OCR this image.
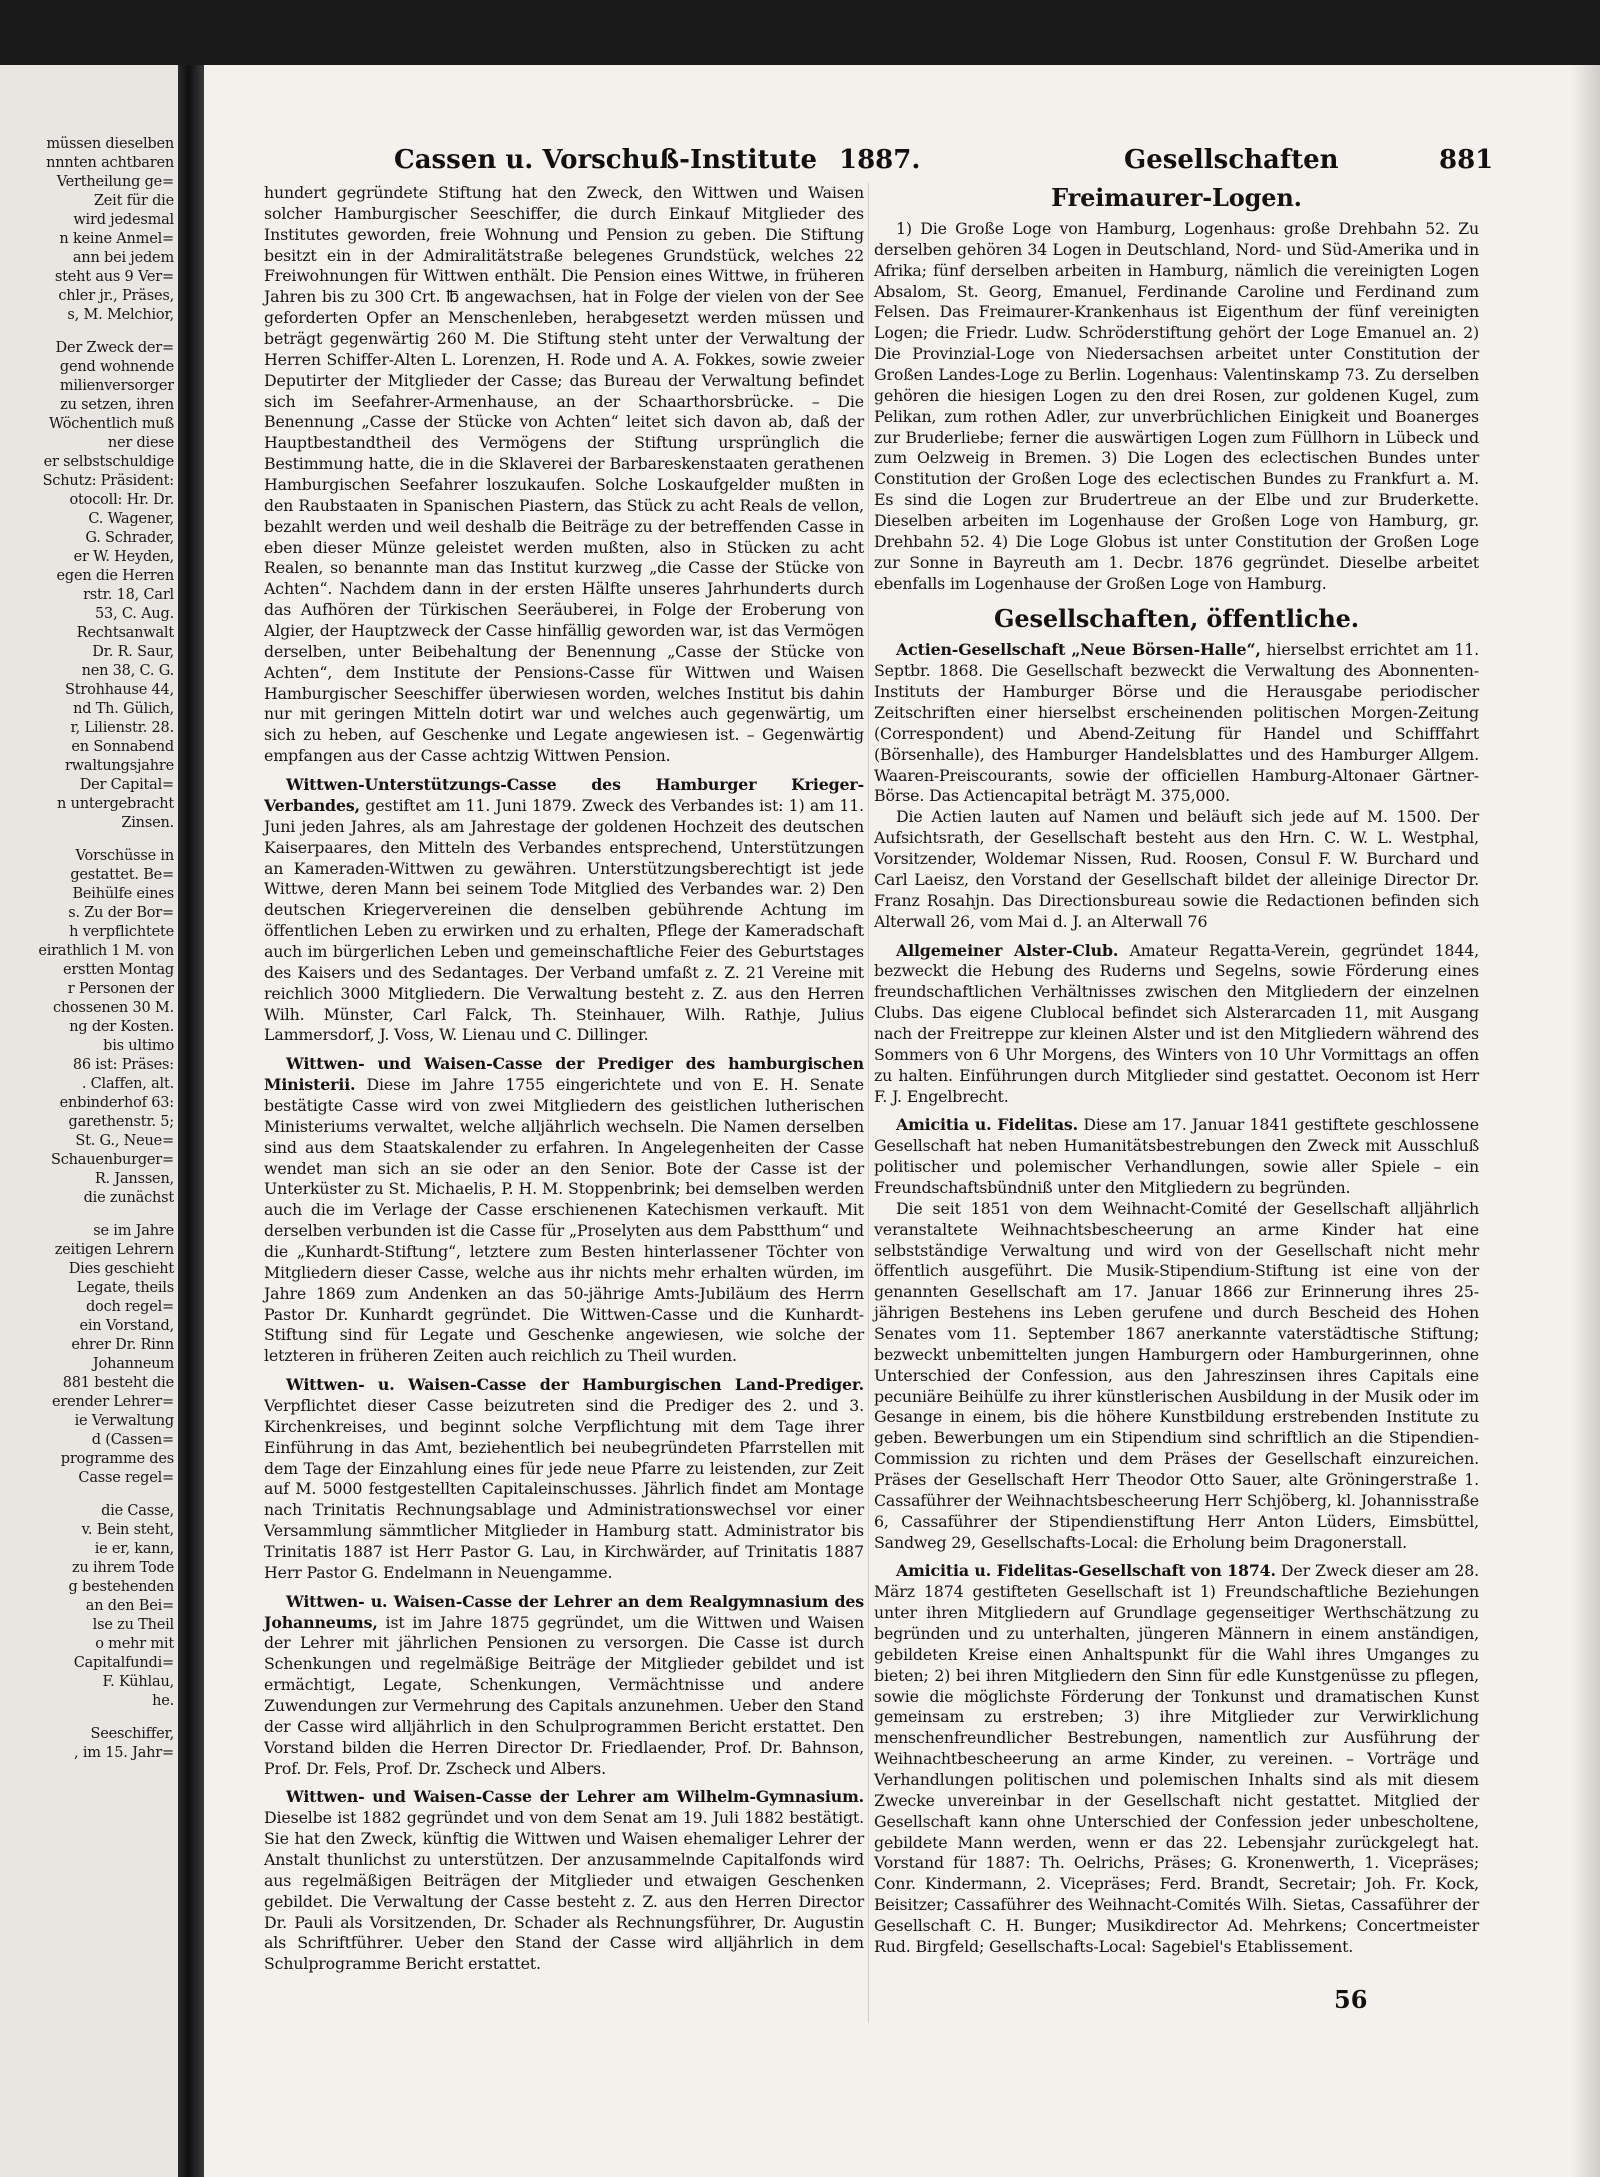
müssen dieselben
nnnten achtbaren
Vertheilung ge=
Zeit für die
wird jedesmal
n keine Anmel=
ann bei jedem
steht aus 9 Ver=
chler jr., Präses,
s, M. Melchior,
Der Zweck der=
gend wohnende
milienversorger
zu setzen, ihren
Wöchentlich muß
ner diese
er selbstschuldige
Schutz: Präsident:
otocoll: Hr. Dr.
C. Wagener,
G. Schrader,
er W. Heyden,
egen die Herren
rstr. 18, Carl
53, C. Aug.
Rechtsanwalt
Dr. R. Saur,
nen 38, C. G.
Strohhause 44,
nd Th. Gülich,
r, Lilienstr. 28.
en Sonnabend
rwaltungsjahre
Der Capital=
n untergebracht
Zinsen.
Vorschüsse in
gestattet. Be=
Beihülfe eines
s. Zu der Bor=
h verpflichtete
eirathlich 1 M. von
erstten Montag
r Personen der
chossenen 30 M.
ng der Kosten.
bis ultimo
86 ist: Präses:
. Claffen, alt.
enbinderhof 63:
garethenstr. 5;
St. G., Neue=
Schauenburger=
R. Janssen,
die zunächst
se im Jahre
zeitigen Lehrern
Dies geschieht
Legate, theils
doch regel=
ein Vorstand,
ehrer Dr. Rinn
Johanneum
881 besteht die
erender Lehrer=
ie Verwaltung
d (Cassen=
programme des
Casse regel=
die Casse,
v. Bein steht,
ie er, kann,
zu ihrem Tode
g bestehenden
an den Bei=
lse zu Theil
o mehr mit
Capitalfundi=
F. Kühlau,
he.
Seeschiffer,
, im 15. Jahr=
Cassen u. Vorschuß-Institute 1887.	Gesellschaften	881

hundert gegründete Stiftung hat den Zweck, den Wittwen und Waisen solcher Hamburgischer Seeschiffer, die durch Einkauf Mitglieder des Institutes geworden, freie Wohnung und Pension zu geben. Die Stiftung besitzt ein in der Admiralitätstraße belegenes Grundstück, welches 22 Freiwohnungen für Wittwen enthält. Die Pension eines Wittwe, in früheren Jahren bis zu 300 Crt. ℔ angewachsen, hat in Folge der vielen von der See geforderten Opfer an Menschenleben, herabgesetzt werden müssen und beträgt gegenwärtig 260 M. Die Stiftung steht unter der Verwaltung der Herren Schiffer-Alten L. Lorenzen, H. Rode und A. A. Fokkes, sowie zweier Deputirter der Mitglieder der Casse; das Bureau der Verwaltung befindet sich im Seefahrer-Armenhause, an der Schaarthorsbrücke. – Die Benennung „Casse der Stücke von Achten“ leitet sich davon ab, daß der Hauptbestandtheil des Vermögens der Stiftung ursprünglich die Bestimmung hatte, die in die Sklaverei der Barbareskenstaaten gerathenen Hamburgischen Seefahrer loszukaufen. Solche Loskaufgelder mußten in den Raubstaaten in Spanischen Piastern, das Stück zu acht Reals de vellon, bezahlt werden und weil deshalb die Beiträge zu der betreffenden Casse in eben dieser Münze geleistet werden mußten, also in Stücken zu acht Realen, so benannte man das Institut kurzweg „die Casse der Stücke von Achten“. Nachdem dann in der ersten Hälfte unseres Jahrhunderts durch das Aufhören der Türkischen Seeräuberei, in Folge der Eroberung von Algier, der Hauptzweck der Casse hinfällig geworden war, ist das Vermögen derselben, unter Beibehaltung der Benennung „Casse der Stücke von Achten“, dem Institute der Pensions-Casse für Wittwen und Waisen Hamburgischer Seeschiffer überwiesen worden, welches Institut bis dahin nur mit geringen Mitteln dotirt war und welches auch gegenwärtig, um sich zu heben, auf Geschenke und Legate angewiesen ist. – Gegenwärtig empfangen aus der Casse achtzig Wittwen Pension.

Wittwen-Unterstützungs-Casse des Hamburger Krieger-Verbandes, gestiftet am 11. Juni 1879. Zweck des Verbandes ist: 1) am 11. Juni jeden Jahres, als am Jahrestage der goldenen Hochzeit des deutschen Kaiserpaares, den Mitteln des Verbandes entsprechend, Unterstützungen an Kameraden-Wittwen zu gewähren. Unterstützungsberechtigt ist jede Wittwe, deren Mann bei seinem Tode Mitglied des Verbandes war. 2) Den deutschen Kriegervereinen die denselben gebührende Achtung im öffentlichen Leben zu erwirken und zu erhalten, Pflege der Kameradschaft auch im bürgerlichen Leben und gemeinschaftliche Feier des Geburtstages des Kaisers und des Sedantages. Der Verband umfaßt z. Z. 21 Vereine mit reichlich 3000 Mitgliedern. Die Verwaltung besteht z. Z. aus den Herren Wilh. Münster, Carl Falck, Th. Steinhauer, Wilh. Rathje, Julius Lammersdorf, J. Voss, W. Lienau und C. Dillinger.

Wittwen- und Waisen-Casse der Prediger des hamburgischen Ministerii. Diese im Jahre 1755 eingerichtete und von E. H. Senate bestätigte Casse wird von zwei Mitgliedern des geistlichen lutherischen Ministeriums verwaltet, welche alljährlich wechseln. Die Namen derselben sind aus dem Staatskalender zu erfahren. In Angelegenheiten der Casse wendet man sich an sie oder an den Senior. Bote der Casse ist der Unterküster zu St. Michaelis, P. H. M. Stoppenbrink; bei demselben werden auch die im Verlage der Casse erschienenen Katechismen verkauft. Mit derselben verbunden ist die Casse für „Proselyten aus dem Pabstthum“ und die „Kunhardt-Stiftung“, letztere zum Besten hinterlassener Töchter von Mitgliedern dieser Casse, welche aus ihr nichts mehr erhalten würden, im Jahre 1869 zum Andenken an das 50-jährige Amts-Jubiläum des Herrn Pastor Dr. Kunhardt gegründet. Die Wittwen-Casse und die Kunhardt-Stiftung sind für Legate und Geschenke angewiesen, wie solche der letzteren in früheren Zeiten auch reichlich zu Theil wurden.

Wittwen- u. Waisen-Casse der Hamburgischen Land-Prediger. Verpflichtet dieser Casse beizutreten sind die Prediger des 2. und 3. Kirchenkreises, und beginnt solche Verpflichtung mit dem Tage ihrer Einführung in das Amt, beziehentlich bei neubegründeten Pfarrstellen mit dem Tage der Einzahlung eines für jede neue Pfarre zu leistenden, zur Zeit auf M. 5000 festgestellten Capitaleinschusses. Jährlich findet am Montage nach Trinitatis Rechnungsablage und Administrationswechsel vor einer Versammlung sämmtlicher Mitglieder in Hamburg statt. Administrator bis Trinitatis 1887 ist Herr Pastor G. Lau, in Kirchwärder, auf Trinitatis 1887 Herr Pastor G. Endelmann in Neuengamme.

Wittwen- u. Waisen-Casse der Lehrer an dem Realgymnasium des Johanneums, ist im Jahre 1875 gegründet, um die Wittwen und Waisen der Lehrer mit jährlichen Pensionen zu versorgen. Die Casse ist durch Schenkungen und regelmäßige Beiträge der Mitglieder gebildet und ist ermächtigt, Legate, Schenkungen, Vermächtnisse und andere Zuwendungen zur Vermehrung des Capitals anzunehmen. Ueber den Stand der Casse wird alljährlich in den Schulprogrammen Bericht erstattet. Den Vorstand bilden die Herren Director Dr. Friedlaender, Prof. Dr. Bahnson, Prof. Dr. Fels, Prof. Dr. Zscheck und Albers.

Wittwen- und Waisen-Casse der Lehrer am Wilhelm-Gymnasium. Dieselbe ist 1882 gegründet und von dem Senat am 19. Juli 1882 bestätigt. Sie hat den Zweck, künftig die Wittwen und Waisen ehemaliger Lehrer der Anstalt thunlichst zu unterstützen. Der anzusammelnde Capitalfonds wird aus regelmäßigen Beiträgen der Mitglieder und etwaigen Geschenken gebildet. Die Verwaltung der Casse besteht z. Z. aus den Herren Director Dr. Pauli als Vorsitzenden, Dr. Schader als Rechnungsführer, Dr. Augustin als Schriftführer. Ueber den Stand der Casse wird alljährlich in dem Schulprogramme Bericht erstattet.

Freimaurer-Logen.

1) Die Große Loge von Hamburg, Logenhaus: große Drehbahn 52. Zu derselben gehören 34 Logen in Deutschland, Nord- und Süd-Amerika und in Afrika; fünf derselben arbeiten in Hamburg, nämlich die vereinigten Logen Absalom, St. Georg, Emanuel, Ferdinande Caroline und Ferdinand zum Felsen. Das Freimaurer-Krankenhaus ist Eigenthum der fünf vereinigten Logen; die Friedr. Ludw. Schröderstiftung gehört der Loge Emanuel an. 2) Die Provinzial-Loge von Niedersachsen arbeitet unter Constitution der Großen Landes-Loge zu Berlin. Logenhaus: Valentinskamp 73. Zu derselben gehören die hiesigen Logen zu den drei Rosen, zur goldenen Kugel, zum Pelikan, zum rothen Adler, zur unverbrüchlichen Einigkeit und Boanerges zur Bruderliebe; ferner die auswärtigen Logen zum Füllhorn in Lübeck und zum Oelzweig in Bremen. 3) Die Logen des eclectischen Bundes unter Constitution der Großen Loge des eclectischen Bundes zu Frankfurt a. M. Es sind die Logen zur Brudertreue an der Elbe und zur Bruderkette. Dieselben arbeiten im Logenhause der Großen Loge von Hamburg, gr. Drehbahn 52. 4) Die Loge Globus ist unter Constitution der Großen Loge zur Sonne in Bayreuth am 1. Decbr. 1876 gegründet. Dieselbe arbeitet ebenfalls im Logenhause der Großen Loge von Hamburg.

Gesellschaften, öffentliche.

Actien-Gesellschaft „Neue Börsen-Halle“, hierselbst errichtet am 11. Septbr. 1868. Die Gesellschaft bezweckt die Verwaltung des Abonnenten-Instituts der Hamburger Börse und die Herausgabe periodischer Zeitschriften einer hierselbst erscheinenden politischen Morgen-Zeitung (Correspondent) und Abend-Zeitung für Handel und Schifffahrt (Börsenhalle), des Hamburger Handelsblattes und des Hamburger Allgem. Waaren-Preiscourants, sowie der officiellen Hamburg-Altonaer Gärtner-Börse. Das Actiencapital beträgt M. 375,000.

Die Actien lauten auf Namen und beläuft sich jede auf M. 1500. Der Aufsichtsrath, der Gesellschaft besteht aus den Hrn. C. W. L. Westphal, Vorsitzender, Woldemar Nissen, Rud. Roosen, Consul F. W. Burchard und Carl Laeisz, den Vorstand der Gesellschaft bildet der alleinige Director Dr. Franz Rosahjn. Das Directionsbureau sowie die Redactionen befinden sich Alterwall 26, vom Mai d. J. an Alterwall 76

Allgemeiner Alster-Club. Amateur Regatta-Verein, gegründet 1844, bezweckt die Hebung des Ruderns und Segelns, sowie Förderung eines freundschaftlichen Verhältnisses zwischen den Mitgliedern der einzelnen Clubs. Das eigene Clublocal befindet sich Alsterarcaden 11, mit Ausgang nach der Freitreppe zur kleinen Alster und ist den Mitgliedern während des Sommers von 6 Uhr Morgens, des Winters von 10 Uhr Vormittags an offen zu halten. Einführungen durch Mitglieder sind gestattet. Oeconom ist Herr F. J. Engelbrecht.

Amicitia u. Fidelitas. Diese am 17. Januar 1841 gestiftete geschlossene Gesellschaft hat neben Humanitätsbestrebungen den Zweck mit Ausschluß politischer und polemischer Verhandlungen, sowie aller Spiele – ein Freundschaftsbündniß unter den Mitgliedern zu begründen.

Die seit 1851 von dem Weihnacht-Comité der Gesellschaft alljährlich veranstaltete Weihnachtsbescheerung an arme Kinder hat eine selbstständige Verwaltung und wird von der Gesellschaft nicht mehr öffentlich ausgeführt. Die Musik-Stipendium-Stiftung ist eine von der genannten Gesellschaft am 17. Januar 1866 zur Erinnerung ihres 25-jährigen Bestehens ins Leben gerufene und durch Bescheid des Hohen Senates vom 11. September 1867 anerkannte vaterstädtische Stiftung; bezweckt unbemittelten jungen Hamburgern oder Hamburgerinnen, ohne Unterschied der Confession, aus den Jahreszinsen ihres Capitals eine pecuniäre Beihülfe zu ihrer künstlerischen Ausbildung in der Musik oder im Gesange in einem, bis die höhere Kunstbildung erstrebenden Institute zu geben. Bewerbungen um ein Stipendium sind schriftlich an die Stipendien-Commission zu richten und dem Präses der Gesellschaft einzureichen. Präses der Gesellschaft Herr Theodor Otto Sauer, alte Gröningerstraße 1. Cassaführer der Weihnachtsbescheerung Herr Schjöberg, kl. Johannisstraße 6, Cassaführer der Stipendienstiftung Herr Anton Lüders, Eimsbüttel, Sandweg 29, Gesellschafts-Local: die Erholung beim Dragonerstall.

Amicitia u. Fidelitas-Gesellschaft von 1874. Der Zweck dieser am 28. März 1874 gestifteten Gesellschaft ist 1) Freundschaftliche Beziehungen unter ihren Mitgliedern auf Grundlage gegenseitiger Werthschätzung zu begründen und zu unterhalten, jüngeren Männern in einem anständigen, gebildeten Kreise einen Anhaltspunkt für die Wahl ihres Umganges zu bieten; 2) bei ihren Mitgliedern den Sinn für edle Kunstgenüsse zu pflegen, sowie die möglichste Förderung der Tonkunst und dramatischen Kunst gemeinsam zu erstreben; 3) ihre Mitglieder zur Verwirklichung menschenfreundlicher Bestrebungen, namentlich zur Ausführung der Weihnachtbescheerung an arme Kinder, zu vereinen. – Vorträge und Verhandlungen politischen und polemischen Inhalts sind als mit diesem Zwecke unvereinbar in der Gesellschaft nicht gestattet. Mitglied der Gesellschaft kann ohne Unterschied der Confession jeder unbescholtene, gebildete Mann werden, wenn er das 22. Lebensjahr zurückgelegt hat. Vorstand für 1887: Th. Oelrichs, Präses; G. Kronenwerth, 1. Vicepräses; Conr. Kindermann, 2. Vicepräses; Ferd. Brandt, Secretair; Joh. Fr. Kock, Beisitzer; Cassaführer des Weihnacht-Comités Wilh. Sietas, Cassaführer der Gesellschaft C. H. Bunger; Musikdirector Ad. Mehrkens; Concertmeister Rud. Birgfeld; Gesellschafts-Local: Sagebiel's Etablissement.

56
